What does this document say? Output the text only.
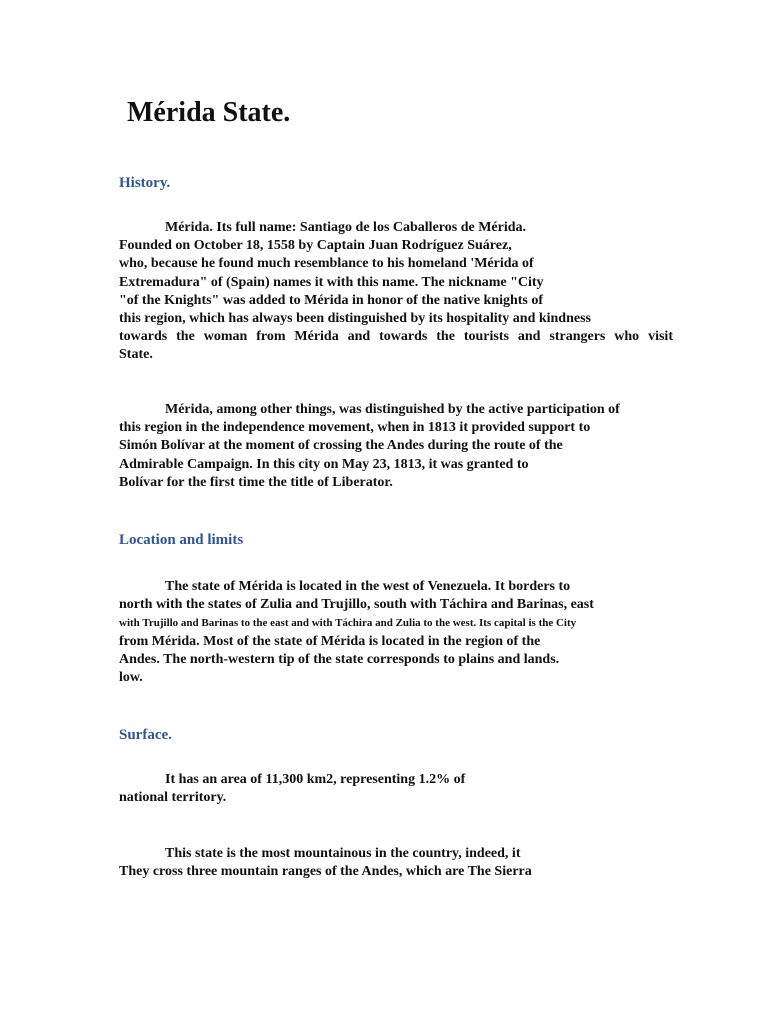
Mérida State.
History.
Mérida. Its full name: Santiago de los Caballeros de Mérida.
Founded on October 18, 1558 by Captain Juan Rodríguez Suárez,
who, because he found much resemblance to his homeland 'Mérida of
Extremadura" of (Spain) names it with this name. The nickname "City
"of the Knights" was added to Mérida in honor of the native knights of
this region, which has always been distinguished by its hospitality and kindness
towards the woman from Mérida and towards the tourists and strangers who visit
State.
Mérida, among other things, was distinguished by the active participation of
this region in the independence movement, when in 1813 it provided support to
Simón Bolívar at the moment of crossing the Andes during the route of the
Admirable Campaign. In this city on May 23, 1813, it was granted to
Bolívar for the first time the title of Liberator.
Location and limits
The state of Mérida is located in the west of Venezuela. It borders to
north with the states of Zulia and Trujillo, south with Táchira and Barinas, east
with Trujillo and Barinas to the east and with Táchira and Zulia to the west. Its capital is the City
from Mérida. Most of the state of Mérida is located in the region of the
Andes. The north-western tip of the state corresponds to plains and lands.
low.
Surface.
It has an area of 11,300 km2, representing 1.2% of
national territory.
This state is the most mountainous in the country, indeed, it
They cross three mountain ranges of the Andes, which are The Sierra
